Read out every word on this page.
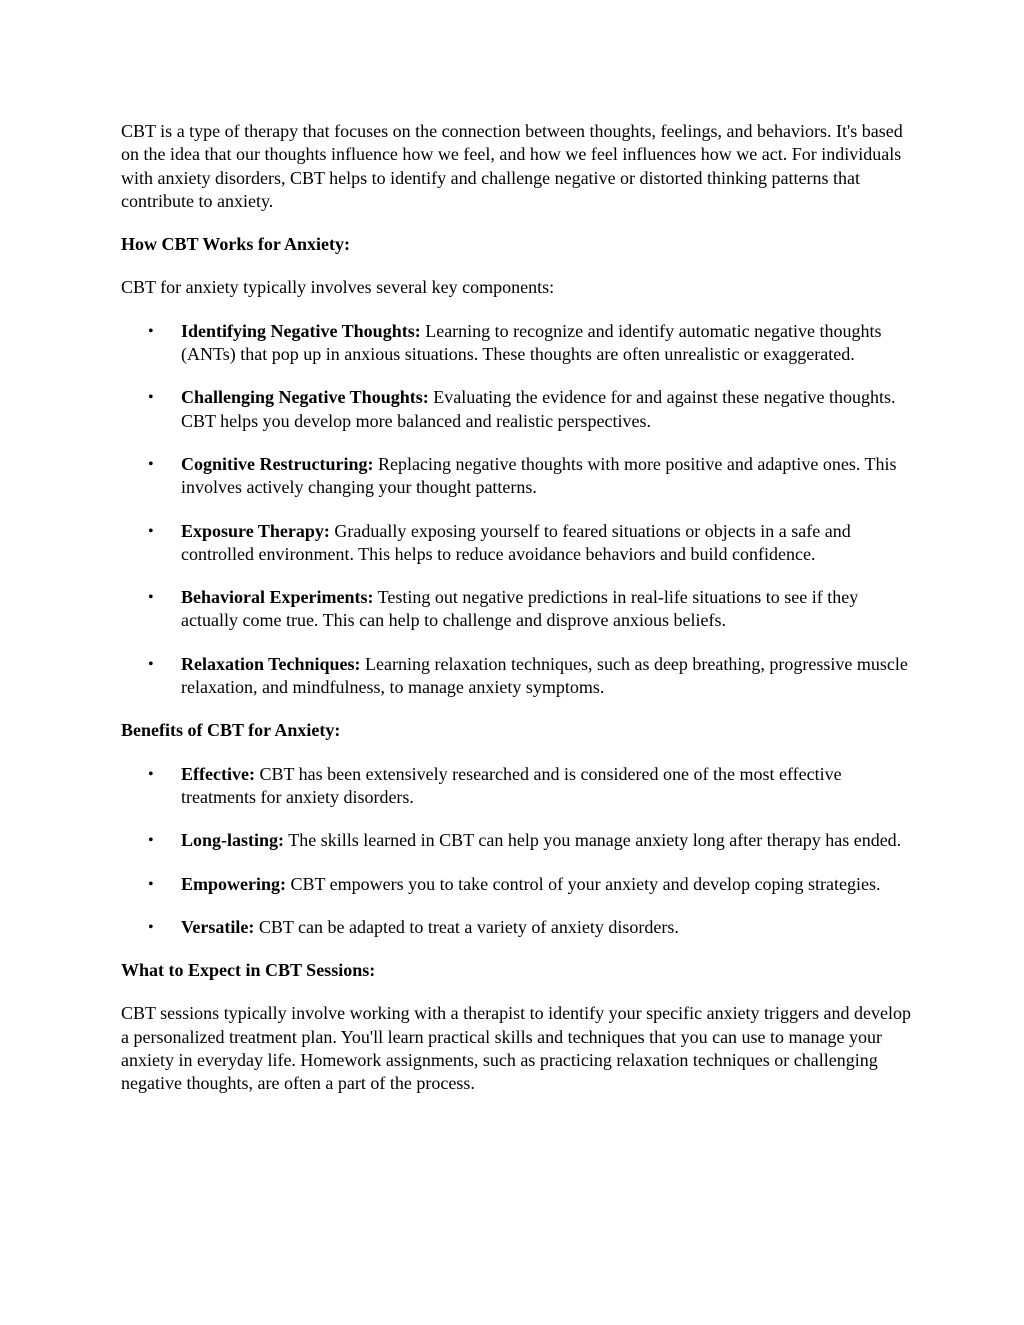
CBT is a type of therapy that focuses on the connection between thoughts, feelings, and behaviors. It's based on the idea that our thoughts influence how we feel, and how we feel influences how we act. For individuals with anxiety disorders, CBT helps to identify and challenge negative or distorted thinking patterns that contribute to anxiety.

How CBT Works for Anxiety:

CBT for anxiety typically involves several key components:

• Identifying Negative Thoughts: Learning to recognize and identify automatic negative thoughts (ANTs) that pop up in anxious situations. These thoughts are often unrealistic or exaggerated.
• Challenging Negative Thoughts: Evaluating the evidence for and against these negative thoughts. CBT helps you develop more balanced and realistic perspectives.
• Cognitive Restructuring: Replacing negative thoughts with more positive and adaptive ones. This involves actively changing your thought patterns.
• Exposure Therapy: Gradually exposing yourself to feared situations or objects in a safe and controlled environment. This helps to reduce avoidance behaviors and build confidence.
• Behavioral Experiments: Testing out negative predictions in real-life situations to see if they actually come true. This can help to challenge and disprove anxious beliefs.
• Relaxation Techniques: Learning relaxation techniques, such as deep breathing, progressive muscle relaxation, and mindfulness, to manage anxiety symptoms.
Benefits of CBT for Anxiety:
• Effective: CBT has been extensively researched and is considered one of the most effective treatments for anxiety disorders.
• Long-lasting: The skills learned in CBT can help you manage anxiety long after therapy has ended.
• Empowering: CBT empowers you to take control of your anxiety and develop coping strategies.
• Versatile: CBT can be adapted to treat a variety of anxiety disorders.
What to Expect in CBT Sessions:

CBT sessions typically involve working with a therapist to identify your specific anxiety triggers and develop a personalized treatment plan. You'll learn practical skills and techniques that you can use to manage your anxiety in everyday life. Homework assignments, such as practicing relaxation techniques or challenging negative thoughts, are often a part of the process.
